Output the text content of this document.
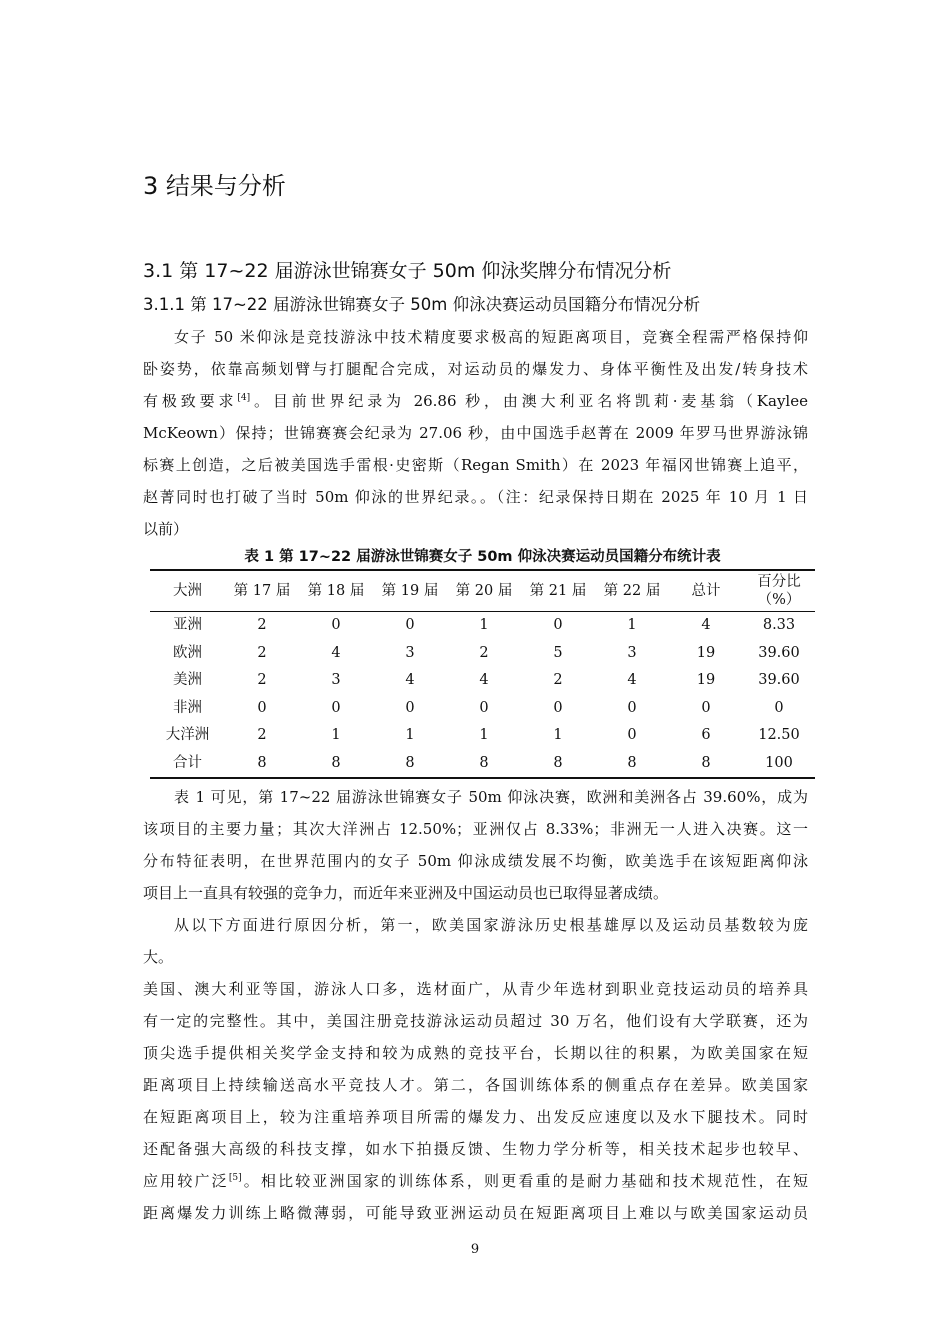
3 结果与分析
3.1 第 17~22 届游泳世锦赛女子 50m 仰泳奖牌分布情况分析
3.1.1 第 17~22 届游泳世锦赛女子 50m 仰泳决赛运动员国籍分布情况分析
女子 50 米仰泳是竞技游泳中技术精度要求极高的短距离项目，竞赛全程需严格保持仰
卧姿势，依靠高频划臂与打腿配合完成，对运动员的爆发力、身体平衡性及出发/转身技术
有极致要求[4]。目前世界纪录为 26.86 秒，由澳大利亚名将凯莉·麦基翁（Kaylee
McKeown）保持；世锦赛赛会纪录为 27.06 秒，由中国选手赵菁在 2009 年罗马世界游泳锦
标赛上创造，之后被美国选手雷根·史密斯（Regan Smith）在 2023 年福冈世锦赛上追平，
赵菁同时也打破了当时 50m 仰泳的世界纪录。。（注：纪录保持日期在 2025 年 10 月 1 日
以前）
表 1 第 17~22 届游泳世锦赛女子 50m 仰泳决赛运动员国籍分布统计表
大洲	第 17 届	第 18 届	第 19 届	第 20 届	第 21 届	第 22 届	总计	百分比（%）
亚洲	2	0	0	1	0	1	4	8.33
欧洲	2	4	3	2	5	3	19	39.60
美洲	2	3	4	4	2	4	19	39.60
非洲	0	0	0	0	0	0	0	0
大洋洲	2	1	1	1	1	0	6	12.50
合计	8	8	8	8	8	8	8	100
表 1 可见，第 17~22 届游泳世锦赛女子 50m 仰泳决赛，欧洲和美洲各占 39.60%，成为
该项目的主要力量；其次大洋洲占 12.50%；亚洲仅占 8.33%；非洲无一人进入决赛。这一
分布特征表明，在世界范围内的女子 50m 仰泳成绩发展不均衡，欧美选手在该短距离仰泳
项目上一直具有较强的竞争力，而近年来亚洲及中国运动员也已取得显著成绩。
从以下方面进行原因分析，第一，欧美国家游泳历史根基雄厚以及运动员基数较为庞
大。
美国、澳大利亚等国，游泳人口多，选材面广，从青少年选材到职业竞技运动员的培养具
有一定的完整性。其中，美国注册竞技游泳运动员超过 30 万名，他们设有大学联赛，还为
顶尖选手提供相关奖学金支持和较为成熟的竞技平台，长期以往的积累，为欧美国家在短
距离项目上持续输送高水平竞技人才。第二，各国训练体系的侧重点存在差异。欧美国家
在短距离项目上，较为注重培养项目所需的爆发力、出发反应速度以及水下腿技术。同时
还配备强大高级的科技支撑，如水下拍摄反馈、生物力学分析等，相关技术起步也较早、
应用较广泛[5]。相比较亚洲国家的训练体系，则更看重的是耐力基础和技术规范性，在短
距离爆发力训练上略微薄弱，可能导致亚洲运动员在短距离项目上难以与欧美国家运动员
9
